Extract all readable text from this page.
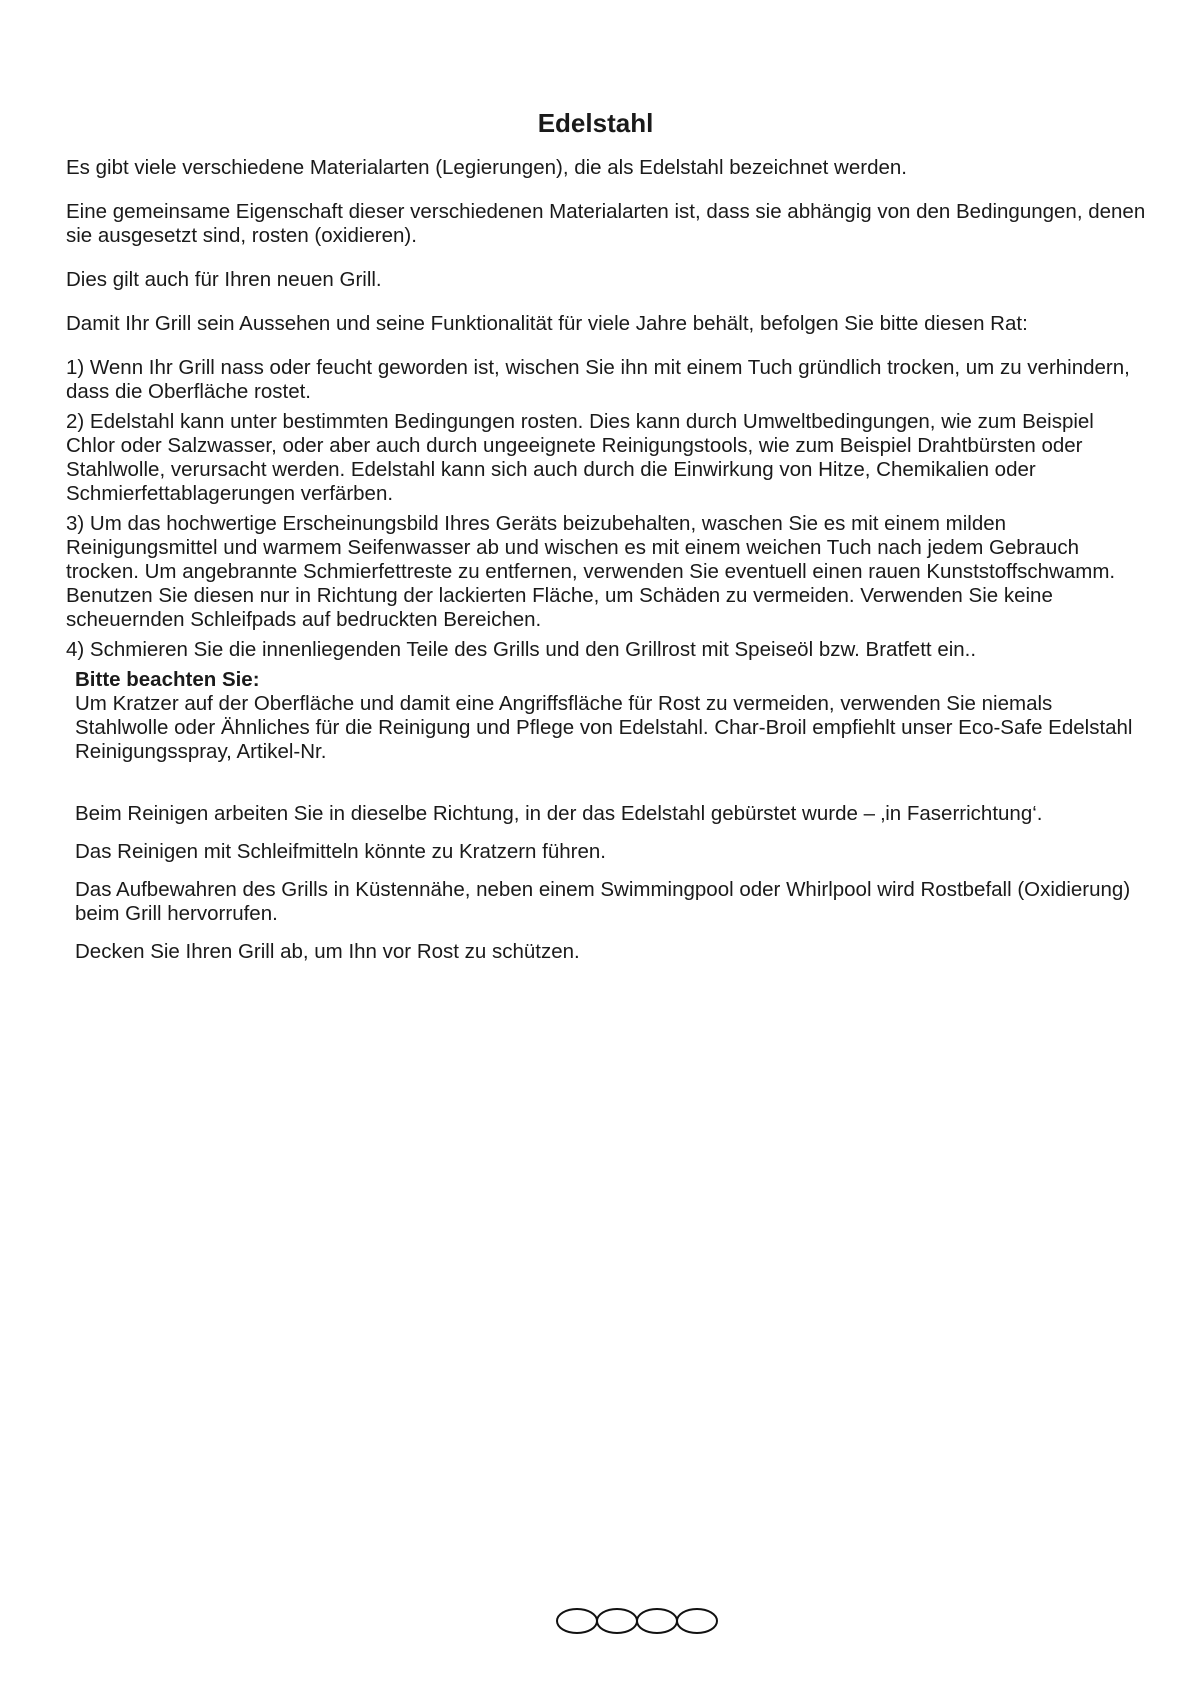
Edelstahl

Es gibt viele verschiedene Materialarten (Legierungen), die als Edelstahl bezeichnet werden.

Eine gemeinsame Eigenschaft dieser verschiedenen Materialarten ist, dass sie abhängig von den Bedingungen, denen sie ausgesetzt sind, rosten (oxidieren).

Dies gilt auch für Ihren neuen Grill.

Damit Ihr Grill sein Aussehen und seine Funktionalität für viele Jahre behält, befolgen Sie bitte diesen Rat:

1) Wenn Ihr Grill nass oder feucht geworden ist, wischen Sie ihn mit einem Tuch gründlich trocken, um zu verhindern, dass die Oberfläche rostet.

2) Edelstahl kann unter bestimmten Bedingungen rosten. Dies kann durch Umweltbedingungen, wie zum Beispiel Chlor oder Salzwasser, oder aber auch durch ungeeignete Reinigungstools, wie zum Beispiel Drahtbürsten oder Stahlwolle, verursacht werden. Edelstahl kann sich auch durch die Einwirkung von Hitze, Chemikalien oder Schmierfettablagerungen verfärben.

3) Um das hochwertige Erscheinungsbild Ihres Geräts beizubehalten, waschen Sie es mit einem milden Reinigungsmittel und warmem Seifenwasser ab und wischen es mit einem weichen Tuch nach jedem Gebrauch trocken. Um angebrannte Schmierfettreste zu entfernen, verwenden Sie eventuell einen rauen Kunststoffschwamm. Benutzen Sie diesen nur in Richtung der lackierten Fläche, um Schäden zu vermeiden. Verwenden Sie keine scheuernden Schleifpads auf bedruckten Bereichen.

4) Schmieren Sie die innenliegenden Teile des Grills und den Grillrost mit Speiseöl bzw. Bratfett ein..

Bitte beachten Sie:

Um Kratzer auf der Oberfläche und damit eine Angriffsfläche für Rost zu vermeiden, verwenden Sie niemals Stahlwolle oder Ähnliches für die Reinigung und Pflege von Edelstahl. Char-Broil empfiehlt unser Eco-Safe Edelstahl Reinigungsspray, Artikel-Nr.

Beim Reinigen arbeiten Sie in dieselbe Richtung, in der das Edelstahl gebürstet wurde – ‚in Faserrichtung‘.

Das Reinigen mit Schleifmitteln könnte zu Kratzern führen.

Das Aufbewahren des Grills in Küstennähe, neben einem Swimmingpool oder Whirlpool wird Rostbefall (Oxidierung) beim Grill hervorrufen.

Decken Sie Ihren Grill ab, um Ihn vor Rost zu schützen.
